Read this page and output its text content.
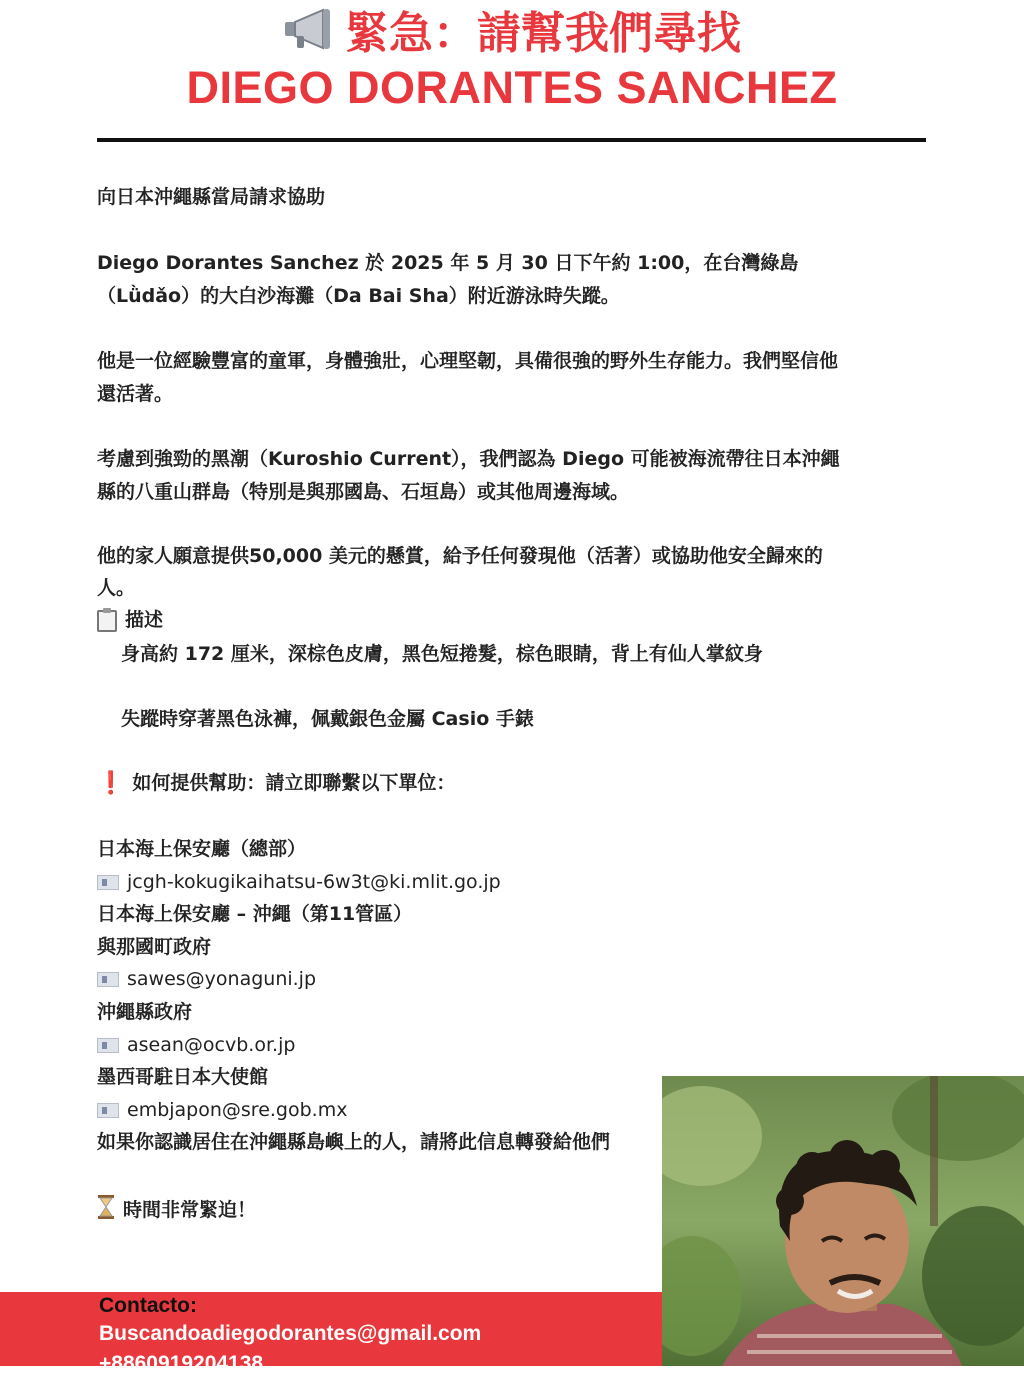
緊急：請幫我們尋找
DIEGO DORANTES SANCHEZ
向日本沖繩縣當局請求協助
Diego Dorantes Sanchez 於 2025 年 5 月 30 日下午約 1:00，在台灣綠島
（Lǜdǎo）的大白沙海灘（Da Bai Sha）附近游泳時失蹤。
他是一位經驗豐富的童軍，身體強壯，心理堅韌，具備很強的野外生存能力。我們堅信他
還活著。
考慮到強勁的黑潮（Kuroshio Current），我們認為 Diego 可能被海流帶往日本沖繩
縣的八重山群島（特別是與那國島、石垣島）或其他周邊海域。
他的家人願意提供50,000 美元的懸賞，給予任何發現他（活著）或協助他安全歸來的
人。
描述
身高約 172 厘米，深棕色皮膚，黑色短捲髮，棕色眼睛，背上有仙人掌紋身
失蹤時穿著黑色泳褲，佩戴銀色金屬 Casio 手錶
❗ 如何提供幫助：請立即聯繫以下單位：
日本海上保安廳（總部）
jcgh-kokugikaihatsu-6w3t@ki.mlit.go.jp
日本海上保安廳 – 沖繩（第11管區）
與那國町政府
sawes@yonaguni.jp
沖繩縣政府
asean@ocvb.or.jp
墨西哥駐日本大使館
embjapon@sre.gob.mx
如果你認識居住在沖繩縣島嶼上的人，請將此信息轉發給他們
時間非常緊迫！
Contacto:
Buscandoadiegodorantes@gmail.com
+8860919204138
